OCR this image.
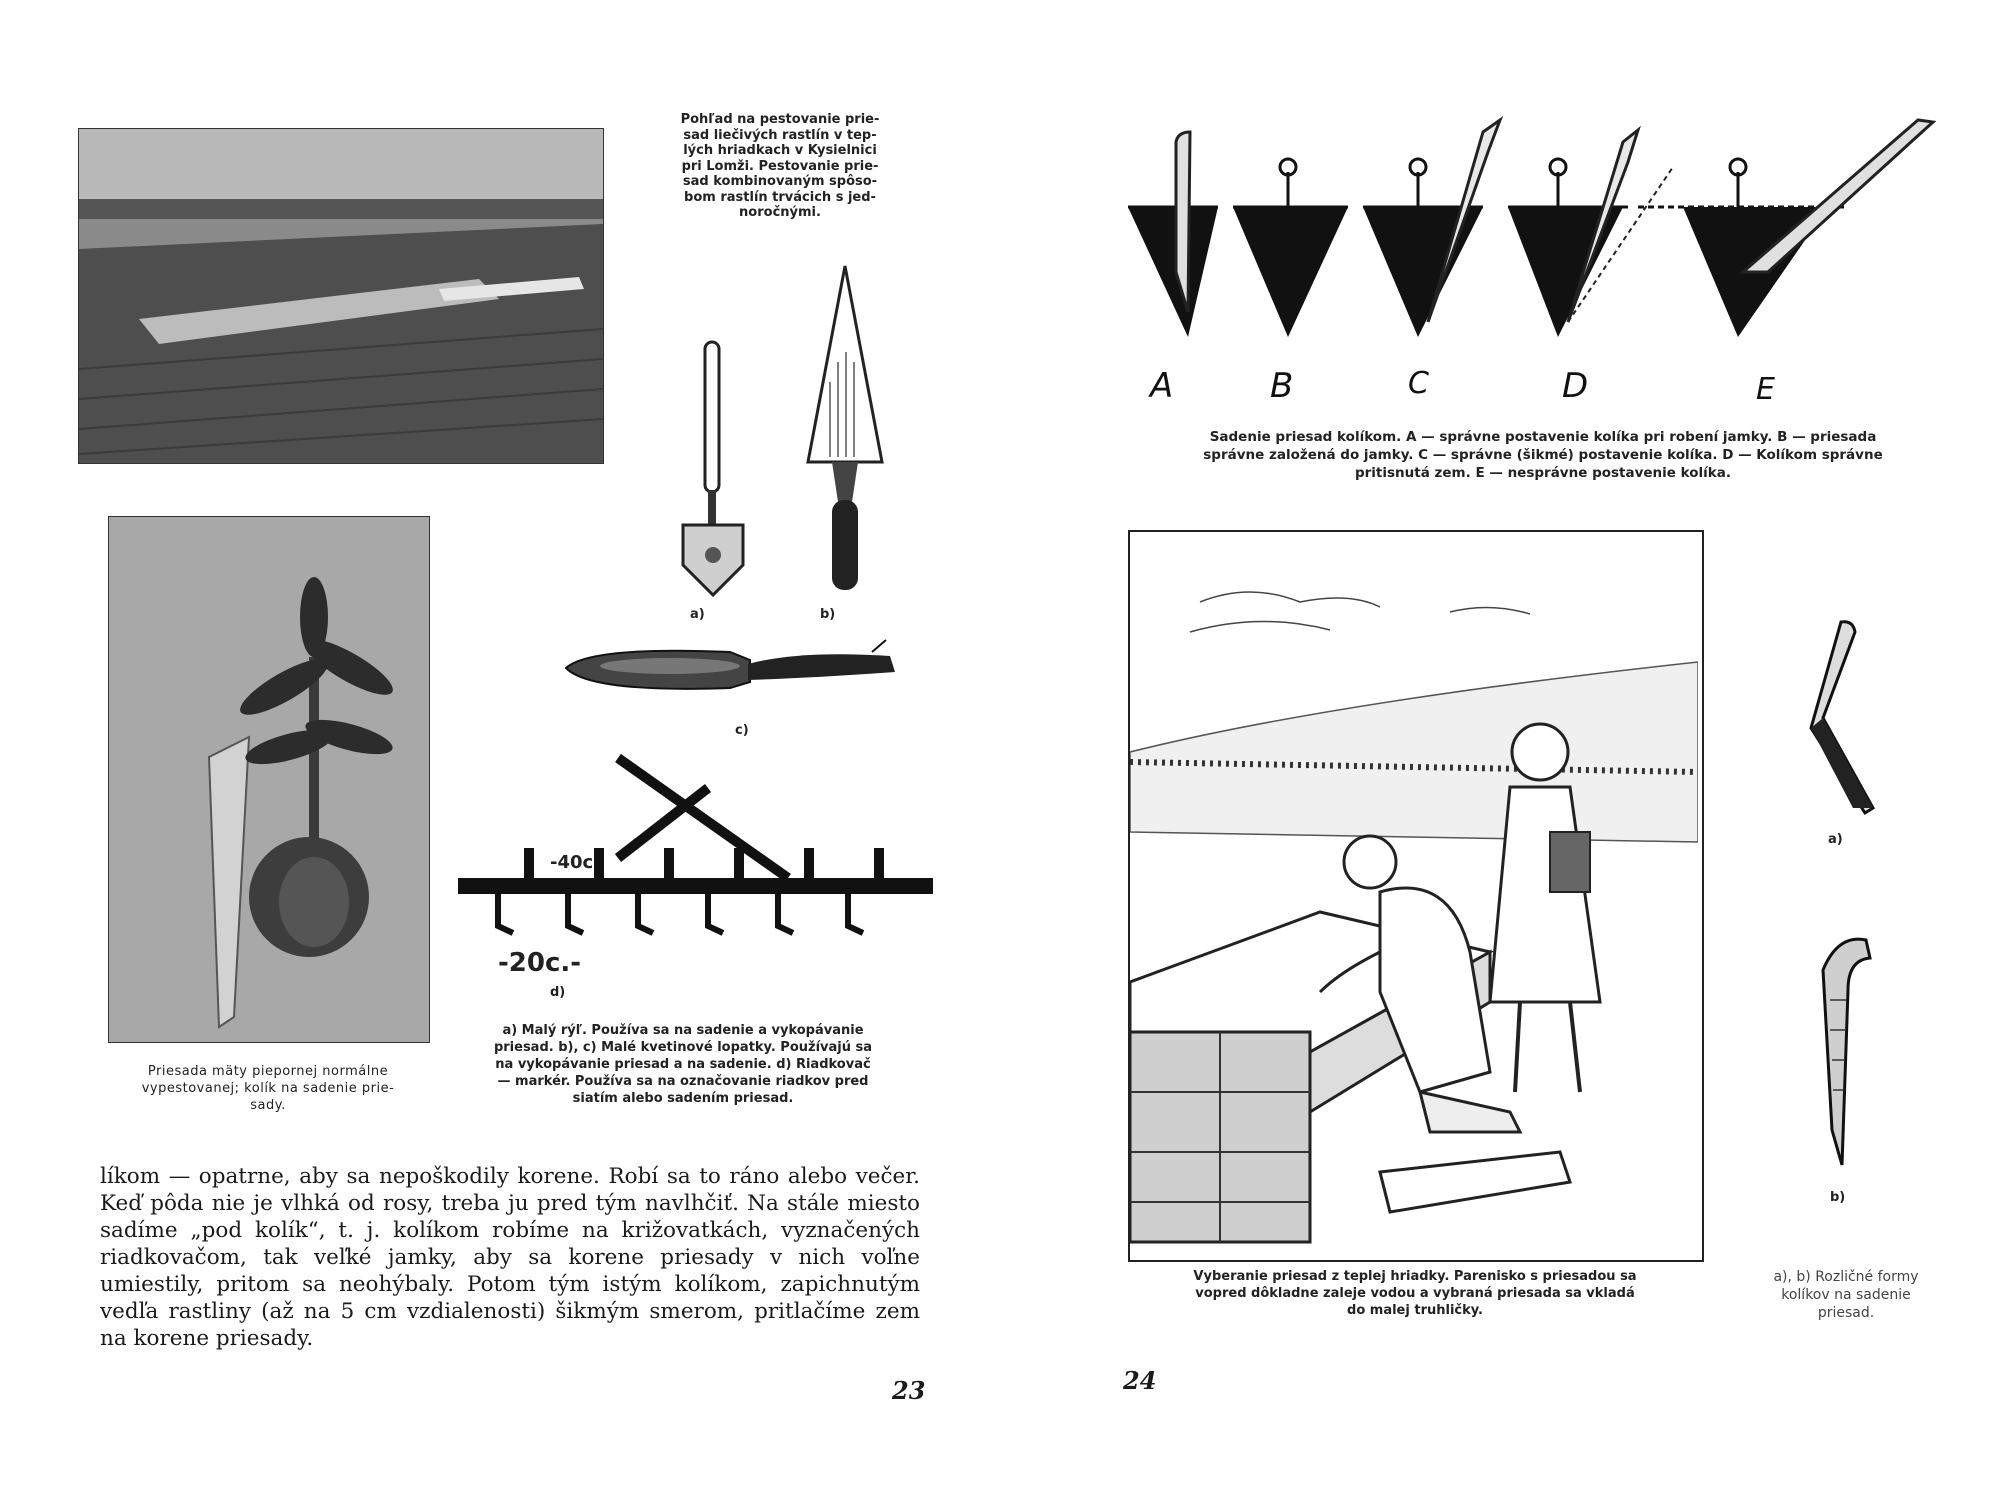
Pohľad na pestovanie prie-
sad liečivých rastlín v tep-
lých hriadkach v Kysielnici
pri Lomži. Pestovanie prie-
sad kombinovaným spôso-
bom rastlín trvácich s jed-
noročnými.
a)	b)
c)
Priesada mäty piepornej normálne
vypestovanej; kolík na sadenie prie-
sady.
-40c
-20c.-
d)
a) Malý rýľ. Používa sa na sadenie a vykopávanie
priesad. b), c) Malé kvetinové lopatky. Používajú sa
na vykopávanie priesad a na sadenie. d) Riadkovač
— markér. Používa sa na označovanie riadkov pred
siatím alebo sadením priesad.

líkom — opatrne, aby sa nepoškodily korene. Robí sa to ráno alebo večer. Keď pôda nie je vlhká od rosy, treba ju pred tým navlhčiť. Na stále miesto sadíme „pod kolík“, t. j. kolíkom robíme na križovatkách, vyznačených riadkovačom, tak veľké jamky, aby sa korene priesady v nich voľne umiestily, pritom sa neohýbaly. Potom tým istým kolíkom, zapichnutým vedľa rastliny (až na 5 cm vzdialenosti) šikmým smerom, pritlačíme zem na korene priesady.

23
A	B	C	D	E
Sadenie priesad kolíkom. A — správne postavenie kolíka pri robení jamky. B — priesada
správne založená do jamky. C — správne (šikmé) postavenie kolíka. D — Kolíkom správne
pritisnutá zem. E — nesprávne postavenie kolíka.
Vyberanie priesad z teplej hriadky. Parenisko s priesadou sa
vopred dôkladne zaleje vodou a vybraná priesada sa vkladá
do malej truhličky.
a)
b)
a), b) Rozličné formy
kolíkov na sadenie
priesad.
24
